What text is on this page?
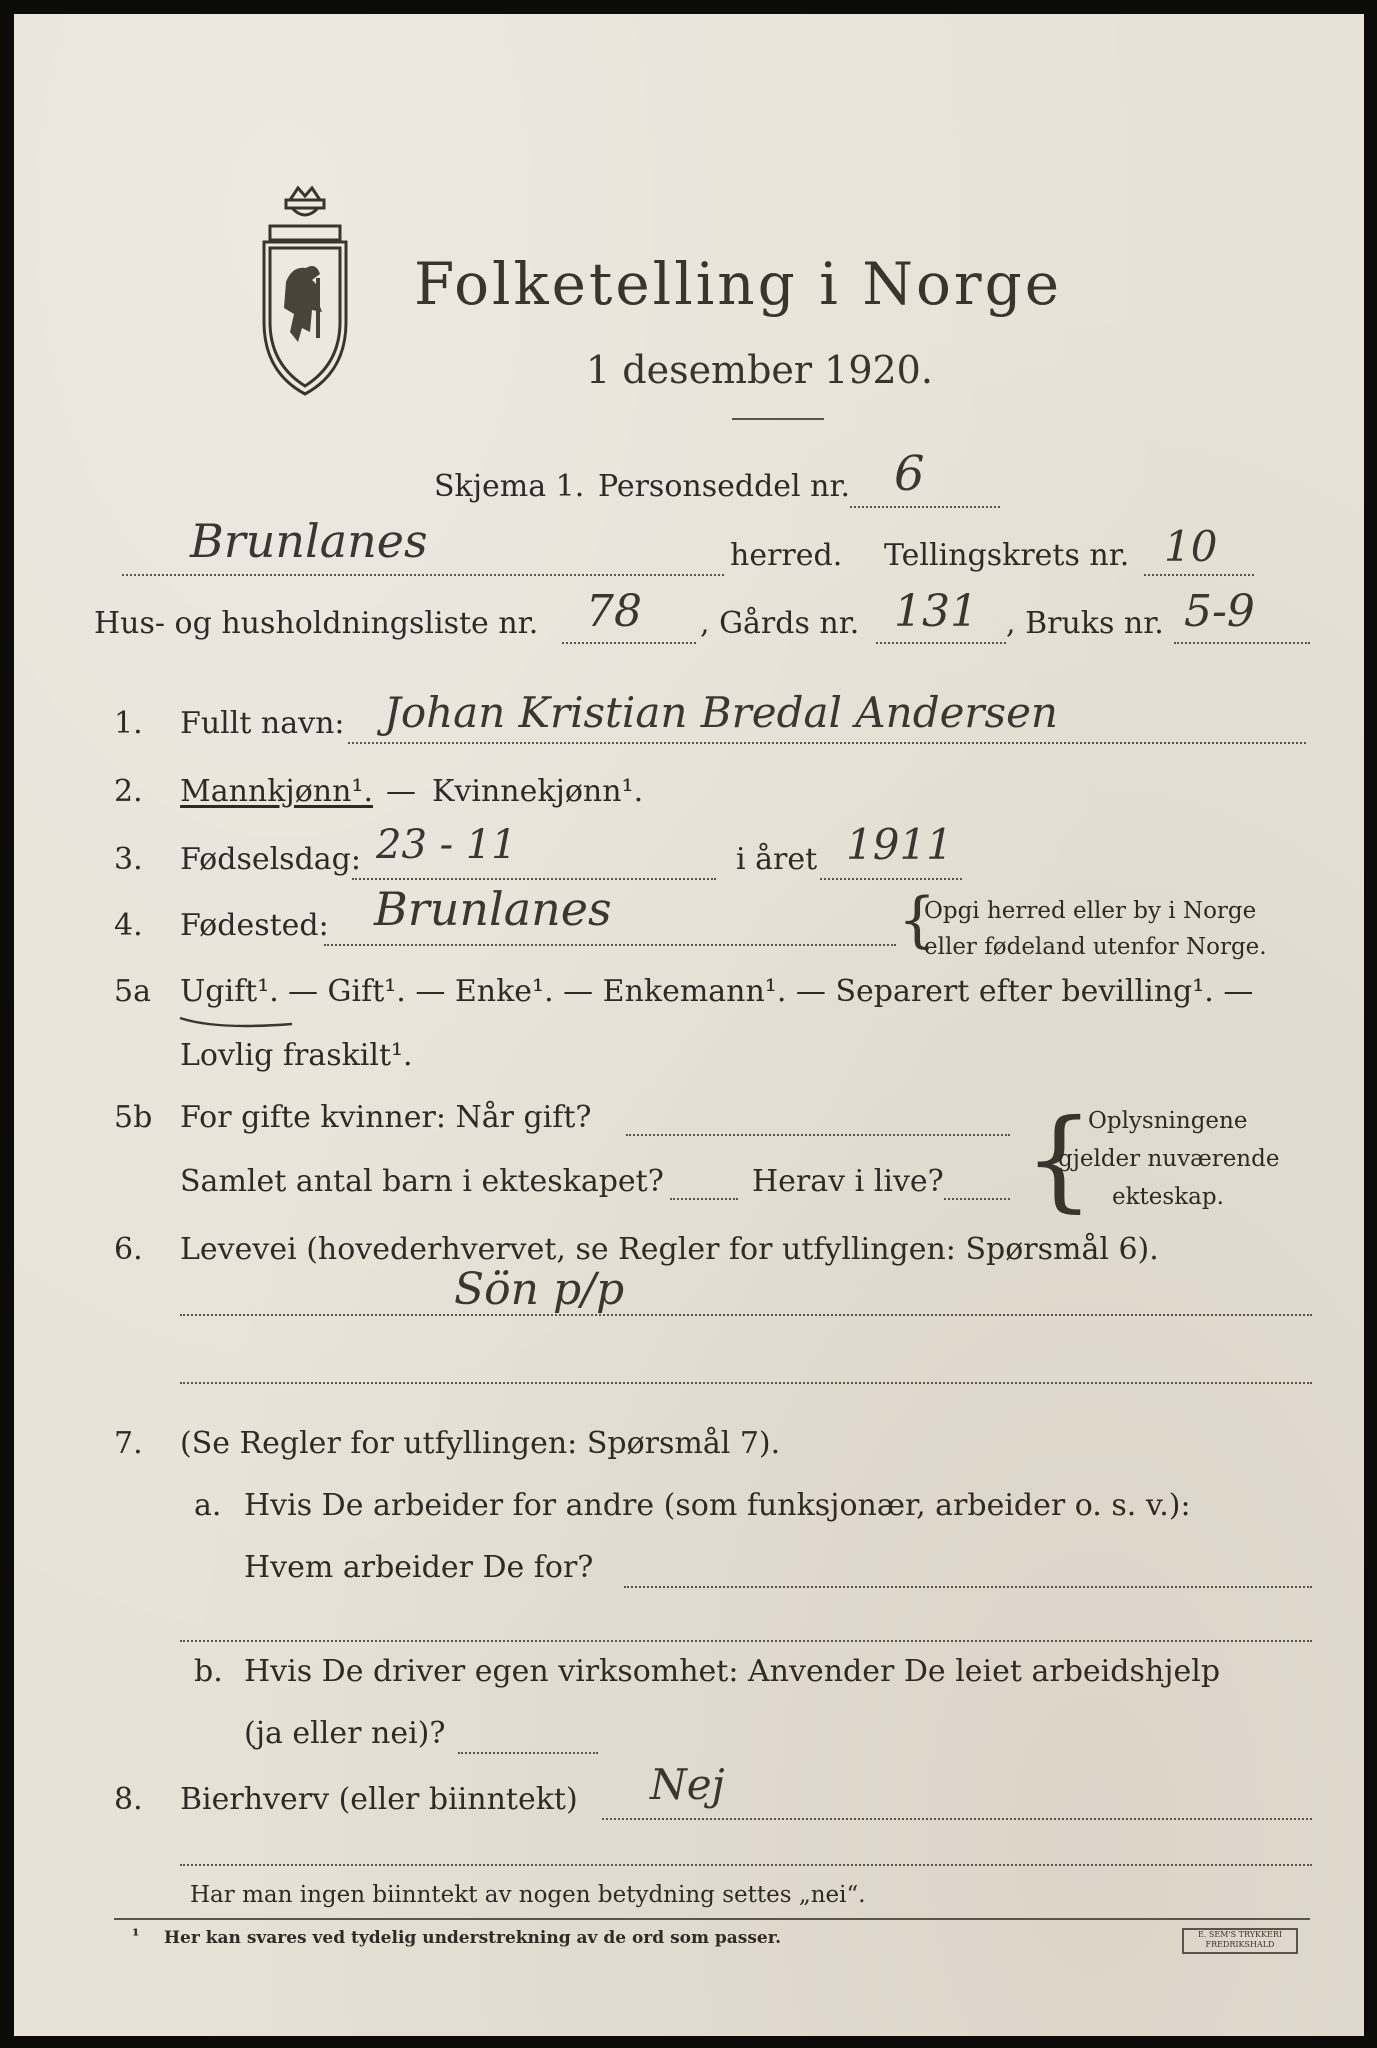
Folketelling i Norge
1 desember 1920.
Skjema 1. Personseddel nr. 6
Brunlanes	herred. Tellingskrets nr. 10
Hus- og husholdningsliste nr. 78 , Gårds nr. 131 , Bruks nr. 5-9
1. Fullt navn: Johan Kristian Bredal Andersen
2. Mannkjønn¹. — Kvinnekjønn¹.
3. Fødselsdag: 23 - 11	i året 1911
4. Fødested: Brunlanes	{
Opgi herred eller by i Norge
eller fødeland utenfor Norge.
5a Ugift¹. — Gift¹. — Enke¹. — Enkemann¹. — Separert efter bevilling¹. —
Lovlig fraskilt¹.
5b For gifte kvinner: Når gift?
Samlet antal barn i ekteskapet?	Herav i live? {
Oplysningene
gjelder nuværende
ekteskap.
6. Levevei (hovederhvervet, se Regler for utfyllingen: Spørsmål 6).
Sön p/p
7. (Se Regler for utfyllingen: Spørsmål 7).
a. Hvis De arbeider for andre (som funksjonær, arbeider o. s. v.):
Hvem arbeider De for?
b. Hvis De driver egen virksomhet: Anvender De leiet arbeidshjelp
(ja eller nei)?
8. Bierhverv (eller biinntekt) Nej
Har man ingen biinntekt av nogen betydning settes „nei“.
¹ Her kan svares ved tydelig understrekning av de ord som passer.	E. SEM'S TRYKKERI FREDRIKSHALD
